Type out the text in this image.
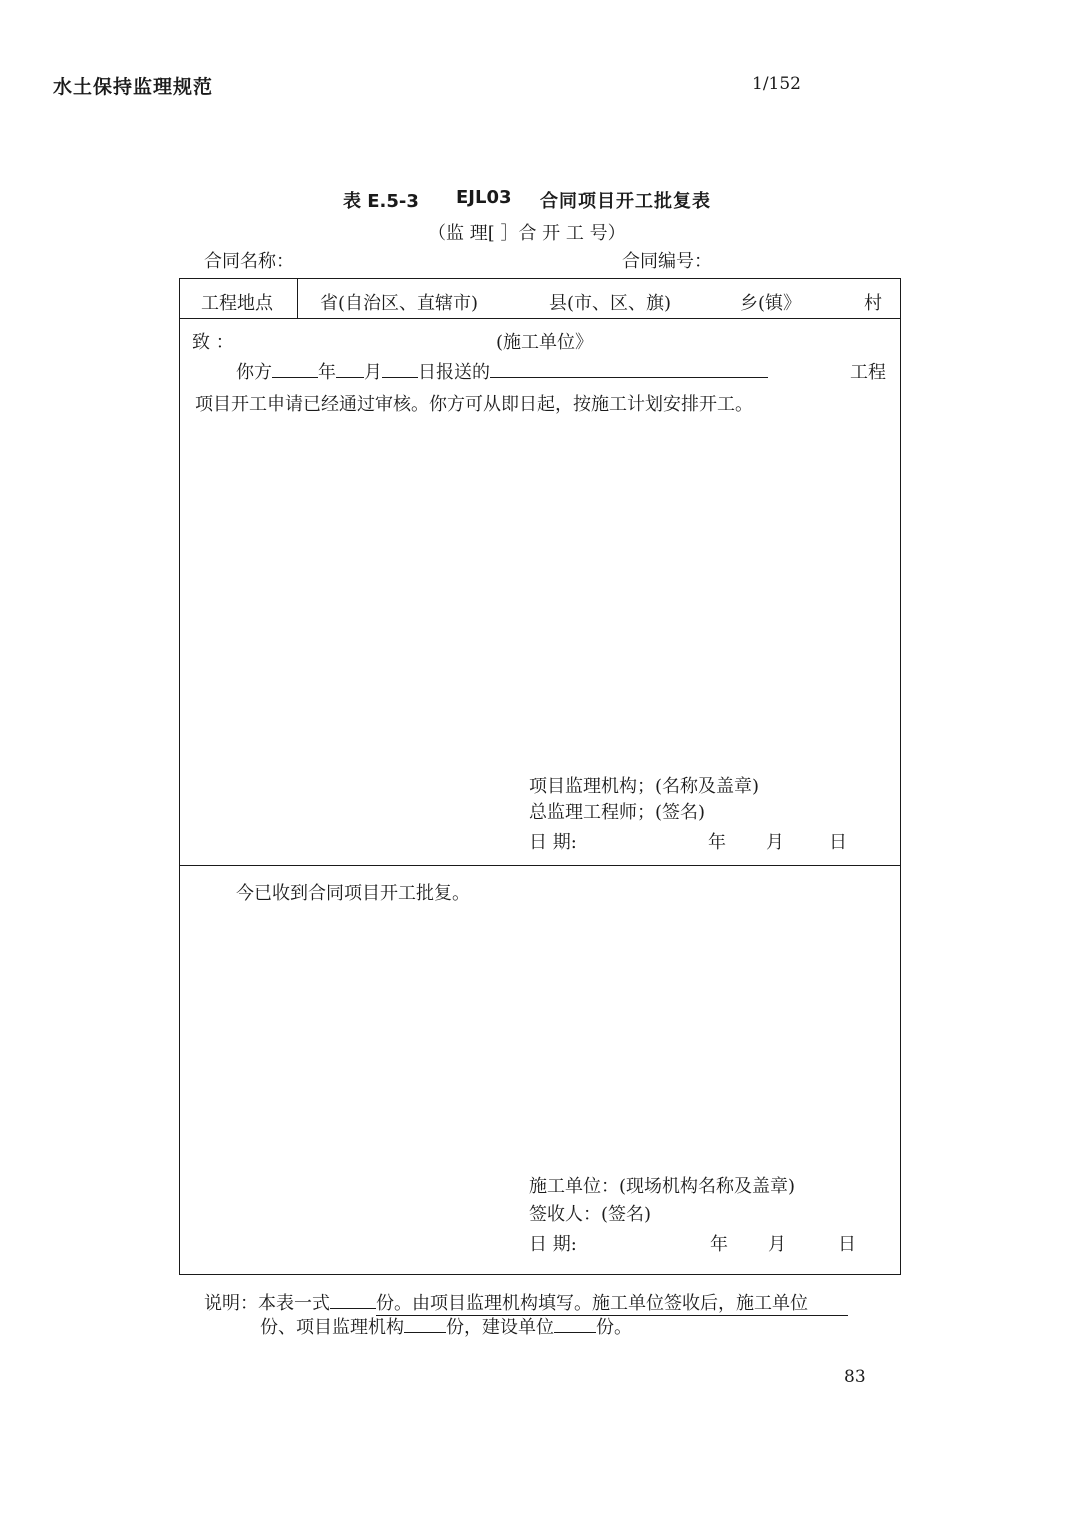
水土保持监理规范	1/152
表 E.5-3 EJL03 合同项目开工批复表
（监 理[ ］合 开 工 号）
合同名称：	合同编号：
工程地点	省(自治区、直辖市)	县(市、区、旗)	乡(镇》	村
致 ：	(施工单位》
你方	年 月 日报送的	工程
项目开工申请已经通过审核。你方可从即日起，按施工计划安排开工。
项目监理机构；(名称及盖章)
总监理工程师；(签名)
日 期:	年 月	日
今已收到合同项目开工批复。
施工单位：(现场机构名称及盖章)
签收人：(签名)
日 期:	年 月	日
说明：本表一式	份。由项目监理机构填写。施工单位签收后，施工单位
份、项目监理机构 份，建设单位 份。
83
